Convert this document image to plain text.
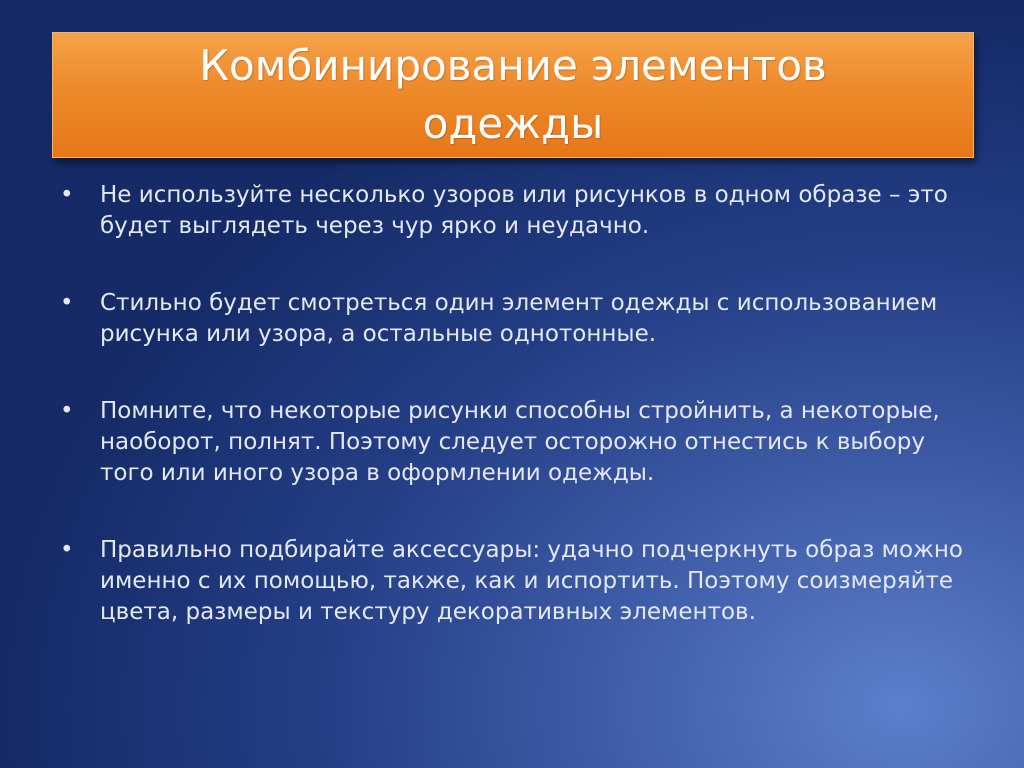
Комбинирование элементов одежды
• Не используйте несколько узоров или рисунков в одном образе – это будет выглядеть через чур ярко и неудачно.
• Стильно будет смотреться один элемент одежды с использованием рисунка или узора, а остальные однотонные.
• Помните, что некоторые рисунки способны стройнить, а некоторые, наоборот, полнят. Поэтому следует осторожно отнестись к выбору того или иного узора в оформлении одежды.
• Правильно подбирайте аксессуары: удачно подчеркнуть образ можно именно с их помощью, также, как и испортить. Поэтому соизмеряйте цвета, размеры и текстуру декоративных элементов.
